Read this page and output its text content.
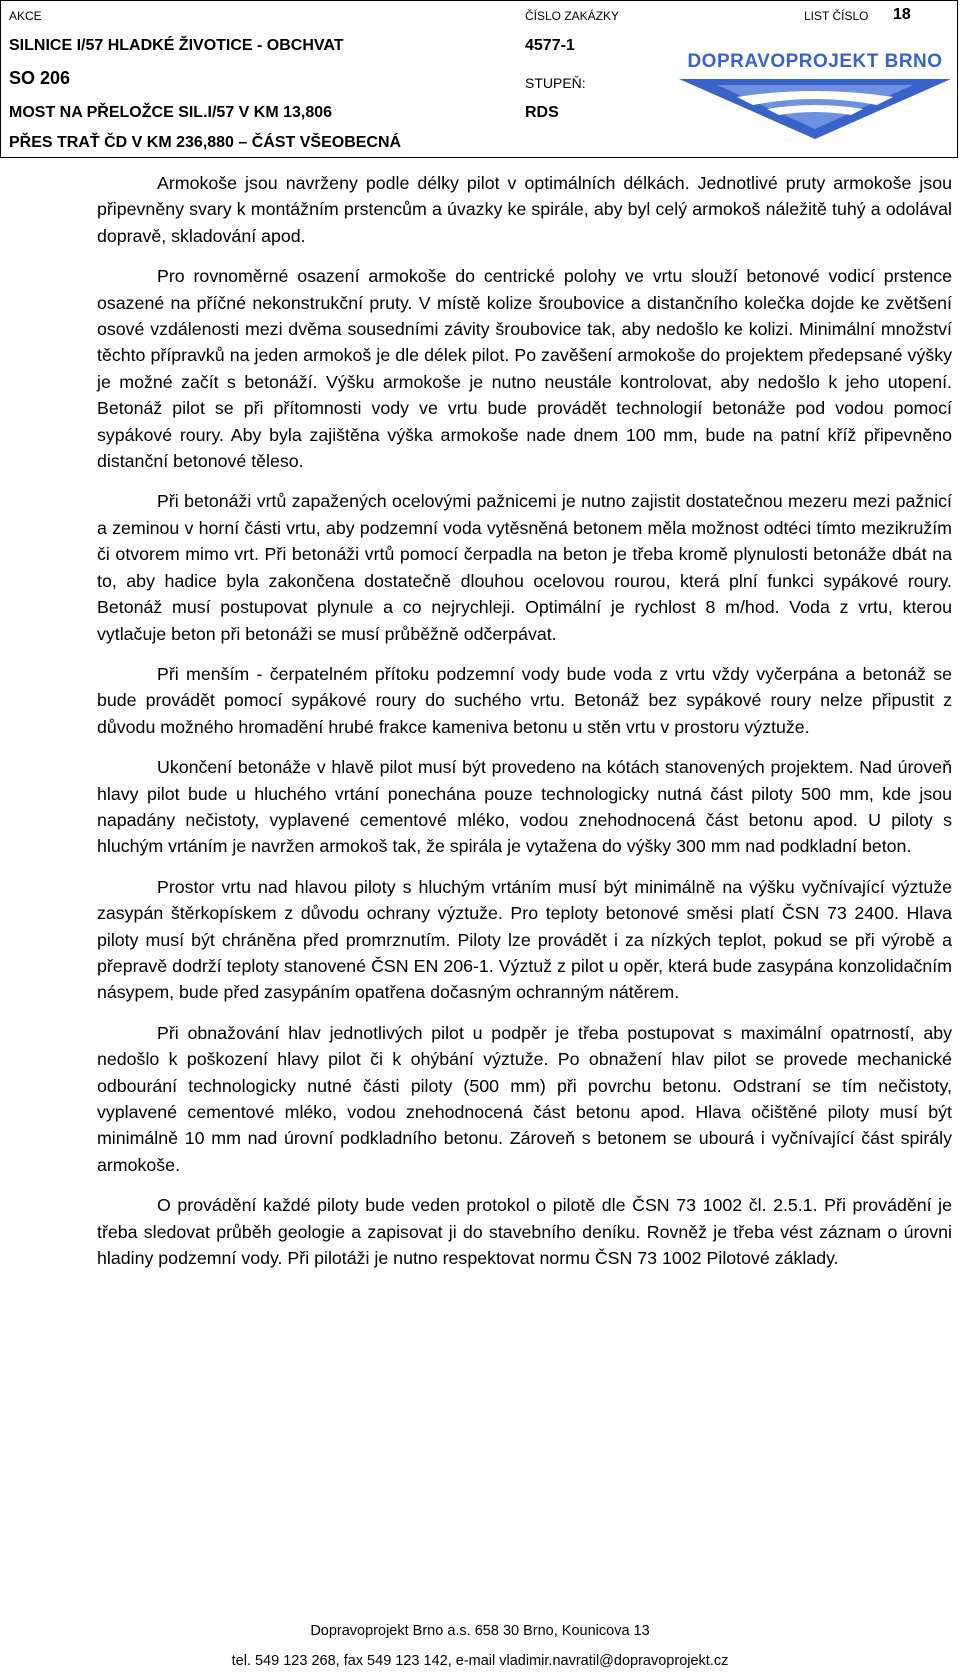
AKCE
SILNICE I/57 HLADKÉ ŽIVOTICE - OBCHVAT
SO 206
MOST NA PŘELOŽCE SIL.I/57 V KM 13,806
PŘES TRAŤ ČD V KM 236,880 – ČÁST VŠEOBECNÁ
ČÍSLO ZAKÁZKY
4577-1
STUPEŇ:
RDS
LIST ČÍSLO 18
DOPRAVOPROJEKT BRNO

Armokoše jsou navrženy podle délky pilot v optimálních délkách. Jednotlivé pruty armokoše jsou připevněny svary k montážním prstencům a úvazky ke spirále, aby byl celý armokoš náležitě tuhý a odolával dopravě, skladování apod.

Pro rovnoměrné osazení armokoše do centrické polohy ve vrtu slouží betonové vodicí prstence osazené na příčné nekonstrukční pruty. V místě kolize šroubovice a distančního kolečka dojde ke zvětšení osové vzdálenosti mezi dvěma sousedními závity šroubovice tak, aby nedošlo ke kolizi. Minimální množství těchto přípravků na jeden armokoš je dle délek pilot. Po zavěšení armokoše do projektem předepsané výšky je možné začít s betonáží. Výšku armokoše je nutno neustále kontrolovat, aby nedošlo k jeho utopení. Betonáž pilot se při přítomnosti vody ve vrtu bude provádět technologií betonáže pod vodou pomocí sypákové roury. Aby byla zajištěna výška armokoše nade dnem 100 mm, bude na patní kříž připevněno distanční betonové těleso.

Při betonáži vrtů zapažených ocelovými pažnicemi je nutno zajistit dostatečnou mezeru mezi pažnicí a zeminou v horní části vrtu, aby podzemní voda vytěsněná betonem měla možnost odtéci tímto mezikružím či otvorem mimo vrt. Při betonáži vrtů pomocí čerpadla na beton je třeba kromě plynulosti betonáže dbát na to, aby hadice byla zakončena dostatečně dlouhou ocelovou rourou, která plní funkci sypákové roury. Betonáž musí postupovat plynule a co nejrychleji. Optimální je rychlost 8 m/hod. Voda z vrtu, kterou vytlačuje beton při betonáži se musí průběžně odčerpávat.

Při menším - čerpatelném přítoku podzemní vody bude voda z vrtu vždy vyčerpána a betonáž se bude provádět pomocí sypákové roury do suchého vrtu. Betonáž bez sypákové roury nelze připustit z důvodu možného hromadění hrubé frakce kameniva betonu u stěn vrtu v prostoru výztuže.

Ukončení betonáže v hlavě pilot musí být provedeno na kótách stanovených projektem. Nad úroveň hlavy pilot bude u hluchého vrtání ponechána pouze technologicky nutná část piloty 500 mm, kde jsou napadány nečistoty, vyplavené cementové mléko, vodou znehodnocená část betonu apod. U piloty s hluchým vrtáním je navržen armokoš tak, že spirála je vytažena do výšky 300 mm nad podkladní beton.

Prostor vrtu nad hlavou piloty s hluchým vrtáním musí být minimálně na výšku vyčnívající výztuže zasypán štěrkopískem z důvodu ochrany výztuže. Pro teploty betonové směsi platí ČSN 73 2400. Hlava piloty musí být chráněna před promrznutím. Piloty lze provádět i za nízkých teplot, pokud se při výrobě a přepravě dodrží teploty stanovené ČSN EN 206-1. Výztuž z pilot u opěr, která bude zasypána konzolidačním násypem, bude před zasypáním opatřena dočasným ochranným nátěrem.

Při obnažování hlav jednotlivých pilot u podpěr je třeba postupovat s maximální opatrností, aby nedošlo k poškození hlavy pilot či k ohýbání výztuže. Po obnažení hlav pilot se provede mechanické odbourání technologicky nutné části piloty (500 mm) při povrchu betonu. Odstraní se tím nečistoty, vyplavené cementové mléko, vodou znehodnocená část betonu apod. Hlava očištěné piloty musí být minimálně 10 mm nad úrovní podkladního betonu. Zároveň s betonem se ubourá i vyčnívající část spirály armokoše.

O provádění každé piloty bude veden protokol o pilotě dle ČSN 73 1002 čl. 2.5.1. Při provádění je třeba sledovat průběh geologie a zapisovat ji do stavebního deníku. Rovněž je třeba vést záznam o úrovni hladiny podzemní vody. Při pilotáži je nutno respektovat normu ČSN 73 1002 Pilotové základy.

Dopravoprojekt Brno a.s. 658 30 Brno, Kounicova 13
tel. 549 123 268, fax 549 123 142, e-mail vladimir.navratil@dopravoprojekt.cz
